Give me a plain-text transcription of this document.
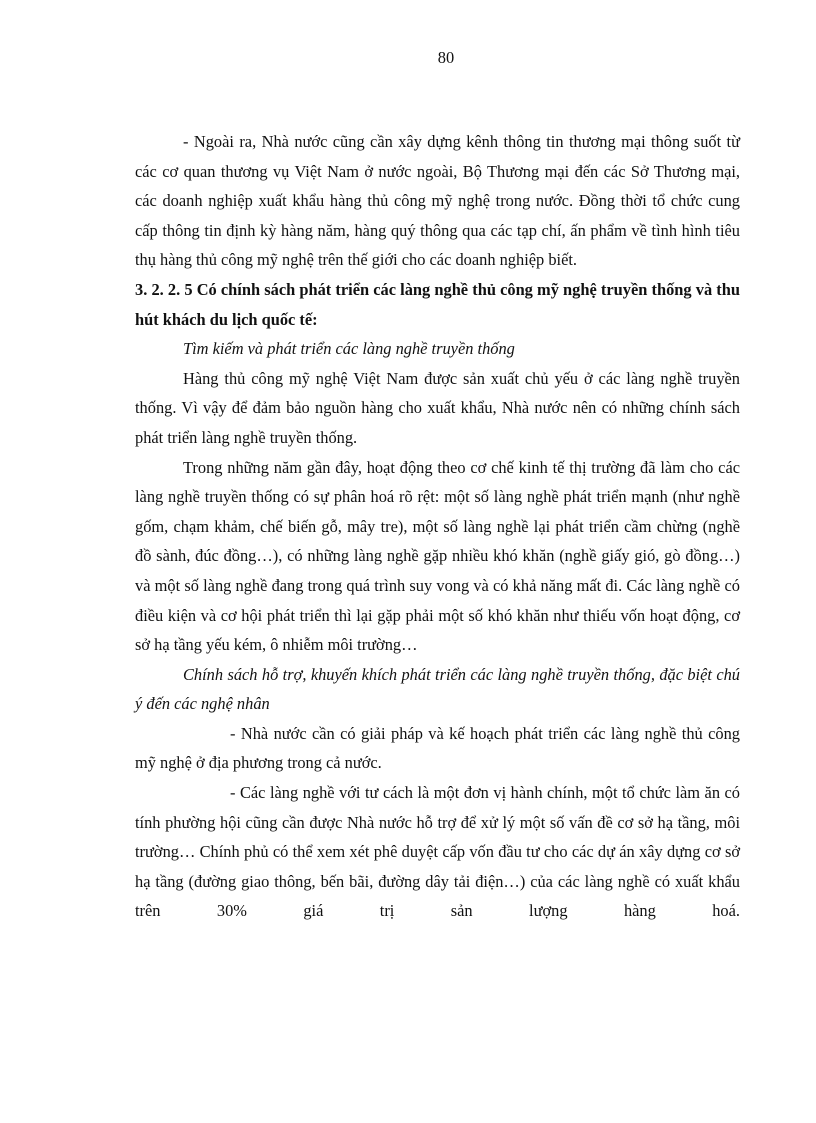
80

- Ngoài ra, Nhà nước cũng cần xây dựng kênh thông tin thương mại thông suốt từ các cơ quan thương vụ Việt Nam ở nước ngoài, Bộ Thương mại đến các Sở Thương mại, các doanh nghiệp xuất khẩu hàng thủ công mỹ nghệ trong nước. Đồng thời tổ chức cung cấp thông tin định kỳ hàng năm, hàng quý thông qua các tạp chí, ấn phẩm về tình hình tiêu thụ hàng thủ công mỹ nghệ trên thế giới cho các doanh nghiệp biết.

3. 2. 2. 5 Có chính sách phát triển các làng nghề thủ công mỹ nghệ truyền thống và thu hút khách du lịch quốc tế:

Tìm kiếm và phát triển các làng nghề truyền thống

Hàng thủ công mỹ nghệ Việt Nam được sản xuất chủ yếu ở các làng nghề truyền thống. Vì vậy để đảm bảo nguồn hàng cho xuất khẩu, Nhà nước nên có những chính sách phát triển làng nghề truyền thống.

Trong những năm gần đây, hoạt động theo cơ chế kinh tế thị trường đã làm cho các làng nghề truyền thống có sự phân hoá rõ rệt: một số làng nghề phát triển mạnh (như nghề gốm, chạm khảm, chế biến gỗ, mây tre), một số làng nghề lại phát triển cầm chừng (nghề đồ sành, đúc đồng…), có những làng nghề gặp nhiều khó khăn (nghề giấy gió, gò đồng…) và một số làng nghề đang trong quá trình suy vong và có khả năng mất đi. Các làng nghề có điều kiện và cơ hội phát triển thì lại gặp phải một số khó khăn như thiếu vốn hoạt động, cơ sở hạ tầng yếu kém, ô nhiễm môi trường…

Chính sách hỗ trợ, khuyến khích phát triển các làng nghề truyền thống, đặc biệt chú ý đến các nghệ nhân

- Nhà nước cần có giải pháp và kế hoạch phát triển các làng nghề thủ công mỹ nghệ ở địa phương trong cả nước.

- Các làng nghề với tư cách là một đơn vị hành chính, một tổ chức làm ăn có tính phường hội cũng cần được Nhà nước hỗ trợ để xử lý một số vấn đề cơ sở hạ tầng, môi trường… Chính phủ có thể xem xét phê duyệt cấp vốn đầu tư cho các dự án xây dựng cơ sở hạ tầng (đường giao thông, bến bãi, đường dây tải điện…) của các làng nghề có xuất khẩu trên 30% giá trị sản lượng hàng hoá.
